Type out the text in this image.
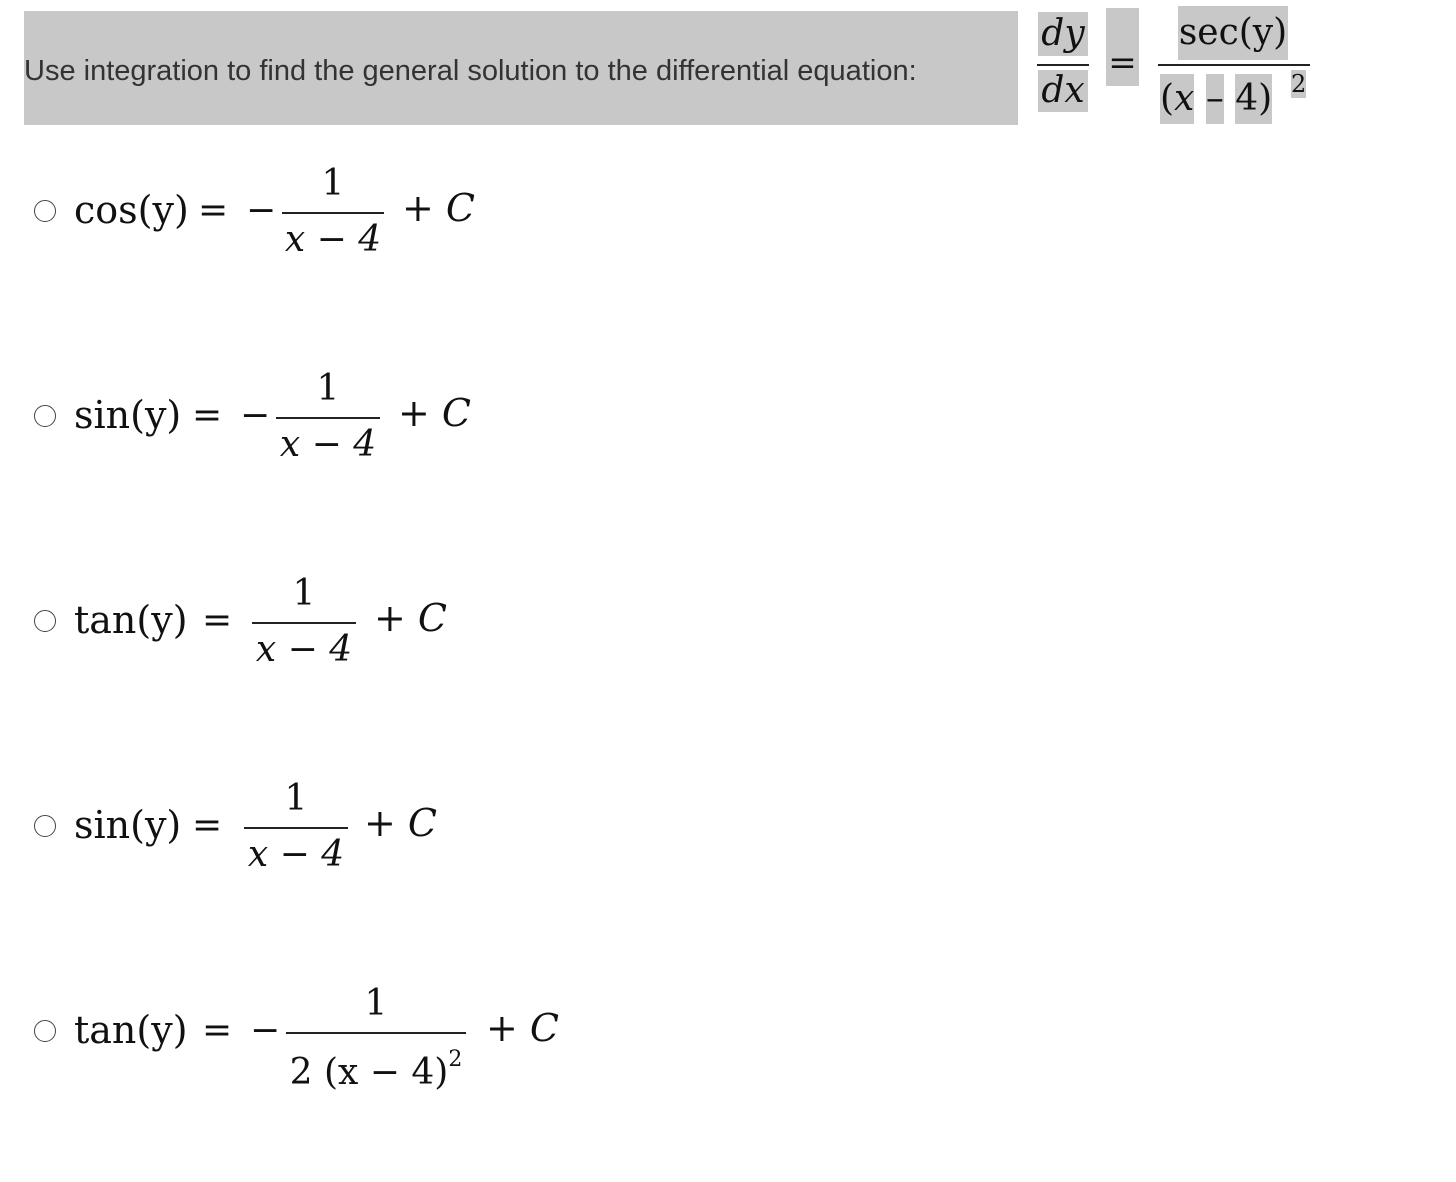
Use integration to find the general solution to the differential equation:
dy
dx
=
sec(y)
(x – 4) 2
cos(y) = −
1
x − 4
+ C
sin(y) = −
1
x − 4
+ C
tan(y) =
1
x − 4
+ C
sin(y) =
1
x − 4
+ C
tan(y) = −
1
2 $(x - 4)^2$
+ C
